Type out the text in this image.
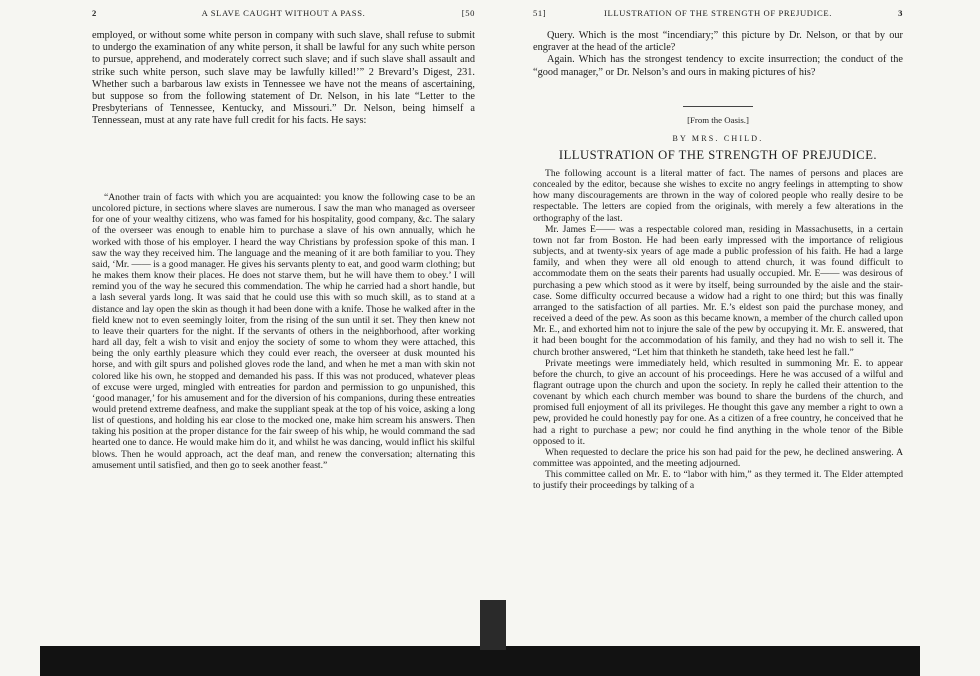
2	A SLAVE CAUGHT WITHOUT A PASS.	[50

employed, or without some white person in company with such slave, shall refuse to submit to undergo the examination of any white person, it shall be lawful for any such white person to pursue, apprehend, and moderately correct such slave; and if such slave shall assault and strike such white person, such slave may be lawfully killed!’” 2 Brevard’s Digest, 231. Whether such a barbarous law exists in Tennessee we have not the means of ascertaining, but suppose so from the following statement of Dr. Nelson, in his late “Letter to the Presbyterians of Tennessee, Kentucky, and Missouri.” Dr. Nelson, being himself a Tennessean, must at any rate have full credit for his facts. He says:

“Another train of facts with which you are acquainted: you know the following case to be an uncolored picture, in sections where slaves are numerous. I saw the man who managed as overseer for one of your wealthy citizens, who was famed for his hospitality, good company, &c. The salary of the overseer was enough to enable him to purchase a slave of his own annually, which he worked with those of his employer. I heard the way Christians by profession spoke of this man. I saw the way they received him. The language and the meaning of it are both familiar to you. They said, ‘Mr. —— is a good manager. He gives his servants plenty to eat, and good warm clothing; but he makes them know their places. He does not starve them, but he will have them to obey.’ I will remind you of the way he secured this commendation. The whip he carried had a short handle, but a lash several yards long. It was said that he could use this with so much skill, as to stand at a distance and lay open the skin as though it had been done with a knife. Those he walked after in the field knew not to even seemingly loiter, from the rising of the sun until it set. They then knew not to leave their quarters for the night. If the servants of others in the neighborhood, after working hard all day, felt a wish to visit and enjoy the society of some to whom they were attached, this being the only earthly pleasure which they could ever reach, the overseer at dusk mounted his horse, and with gilt spurs and polished gloves rode the land, and when he met a man with skin not colored like his own, he stopped and demanded his pass. If this was not produced, whatever pleas of excuse were urged, mingled with entreaties for pardon and permission to go unpunished, this ‘good manager,’ for his amusement and for the diversion of his companions, during these entreaties would pretend extreme deafness, and make the suppliant speak at the top of his voice, asking a long list of questions, and holding his ear close to the mocked one, make him scream his answers. Then taking his position at the proper distance for the fair sweep of his whip, he would command the sad hearted one to dance. He would make him do it, and whilst he was dancing, would inflict his skilful blows. Then he would approach, act the deaf man, and renew the conversation; alternating this amusement until satisfied, and then go to seek another feast.”

51]	ILLUSTRATION OF THE STRENGTH OF PREJUDICE.	3

Query. Which is the most “incendiary;” this picture by Dr. Nelson, or that by our engraver at the head of the article?

Again. Which has the strongest tendency to excite insurrection; the conduct of the “good manager,” or Dr. Nelson’s and ours in making pictures of his?

[From the Oasis.]
BY MRS. CHILD.
ILLUSTRATION OF THE STRENGTH OF PREJUDICE.

The following account is a literal matter of fact. The names of persons and places are concealed by the editor, because she wishes to excite no angry feelings in attempting to show how many discouragements are thrown in the way of colored people who really desire to be respectable. The letters are copied from the originals, with merely a few alterations in the orthography of the last.

Mr. James E—— was a respectable colored man, residing in Massachusetts, in a certain town not far from Boston. He had been early impressed with the importance of religious subjects, and at twenty-six years of age made a public profession of his faith. He had a large family, and when they were all old enough to attend church, it was found difficult to accommodate them on the seats their parents had usually occupied. Mr. E—— was desirous of purchasing a pew which stood as it were by itself, being surrounded by the aisle and the stair-case. Some difficulty occurred because a widow had a right to one third; but this was finally arranged to the satisfaction of all parties. Mr. E.’s eldest son paid the purchase money, and received a deed of the pew. As soon as this became known, a member of the church called upon Mr. E., and exhorted him not to injure the sale of the pew by occupying it. Mr. E. answered, that it had been bought for the accommodation of his family, and they had no wish to sell it. The church brother answered, “Let him that thinketh he standeth, take heed lest he fall.”

Private meetings were immediately held, which resulted in summoning Mr. E. to appear before the church, to give an account of his proceedings. Here he was accused of a wilful and flagrant outrage upon the church and upon the society. In reply he called their attention to the covenant by which each church member was bound to share the burdens of the church, and promised full enjoyment of all its privileges. He thought this gave any member a right to own a pew, provided he could honestly pay for one. As a citizen of a free country, he conceived that he had a right to purchase a pew; nor could he find anything in the whole tenor of the Bible opposed to it.

When requested to declare the price his son had paid for the pew, he declined answering. A committee was appointed, and the meeting adjourned.

This committee called on Mr. E. to “labor with him,” as they termed it. The Elder attempted to justify their proceedings by talking of a
